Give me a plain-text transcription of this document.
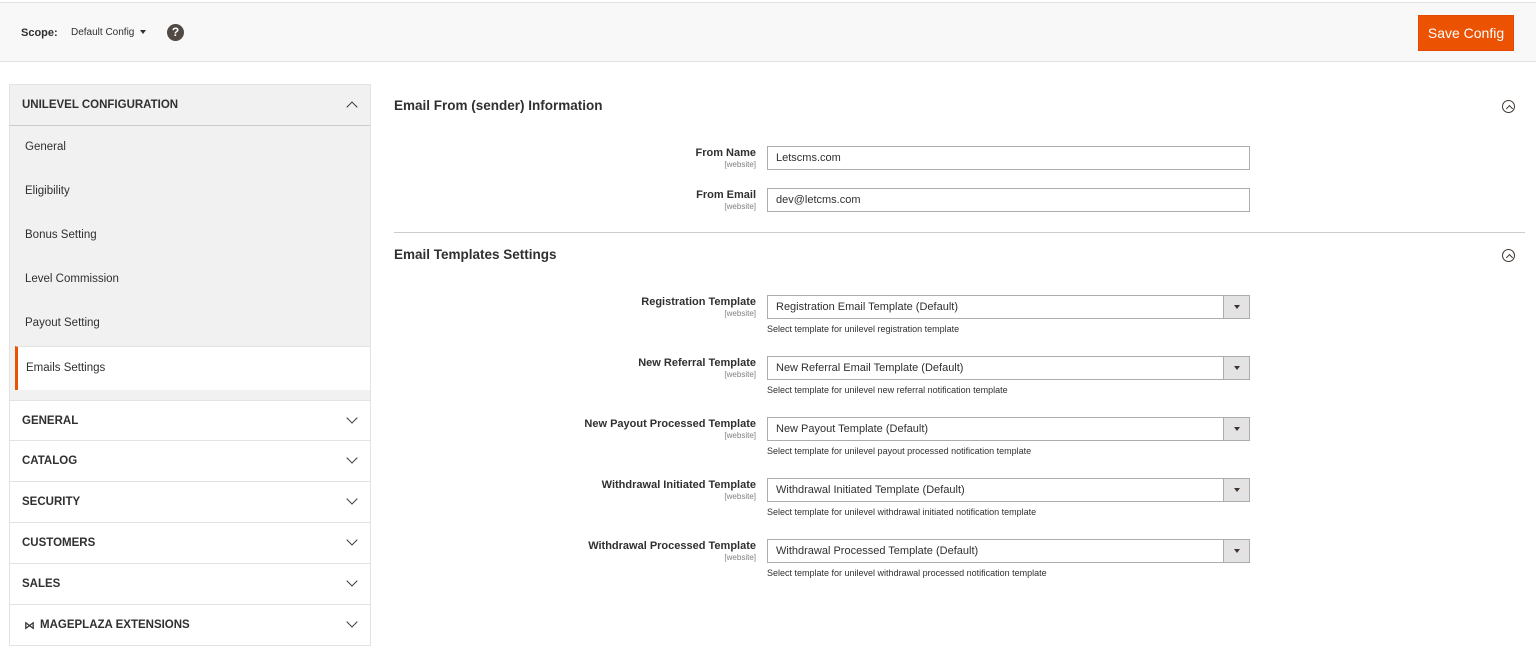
Scope: Default Config	?	Save Config
UNILEVEL CONFIGURATION
General
Eligibility
Bonus Setting
Level Commission
Payout Setting
Emails Settings
GENERAL
CATALOG
SECURITY
CUSTOMERS
SALES
⋈ MAGEPLAZA EXTENSIONS
Email From (sender) Information
From Name
[website]
Letscms.com
From Email
[website]
dev@letcms.com
Email Templates Settings
Registration Template
[website]
Registration Email Template (Default)
Select template for unilevel registration template
New Referral Template
[website]
New Referral Email Template (Default)
Select template for unilevel new referral notification template
New Payout Processed Template
[website]
New Payout Template (Default)
Select template for unilevel payout processed notification template
Withdrawal Initiated Template
[website]
Withdrawal Initiated Template (Default)
Select template for unilevel withdrawal initiated notification template
Withdrawal Processed Template
[website]
Withdrawal Processed Template (Default)
Select template for unilevel withdrawal processed notification template
